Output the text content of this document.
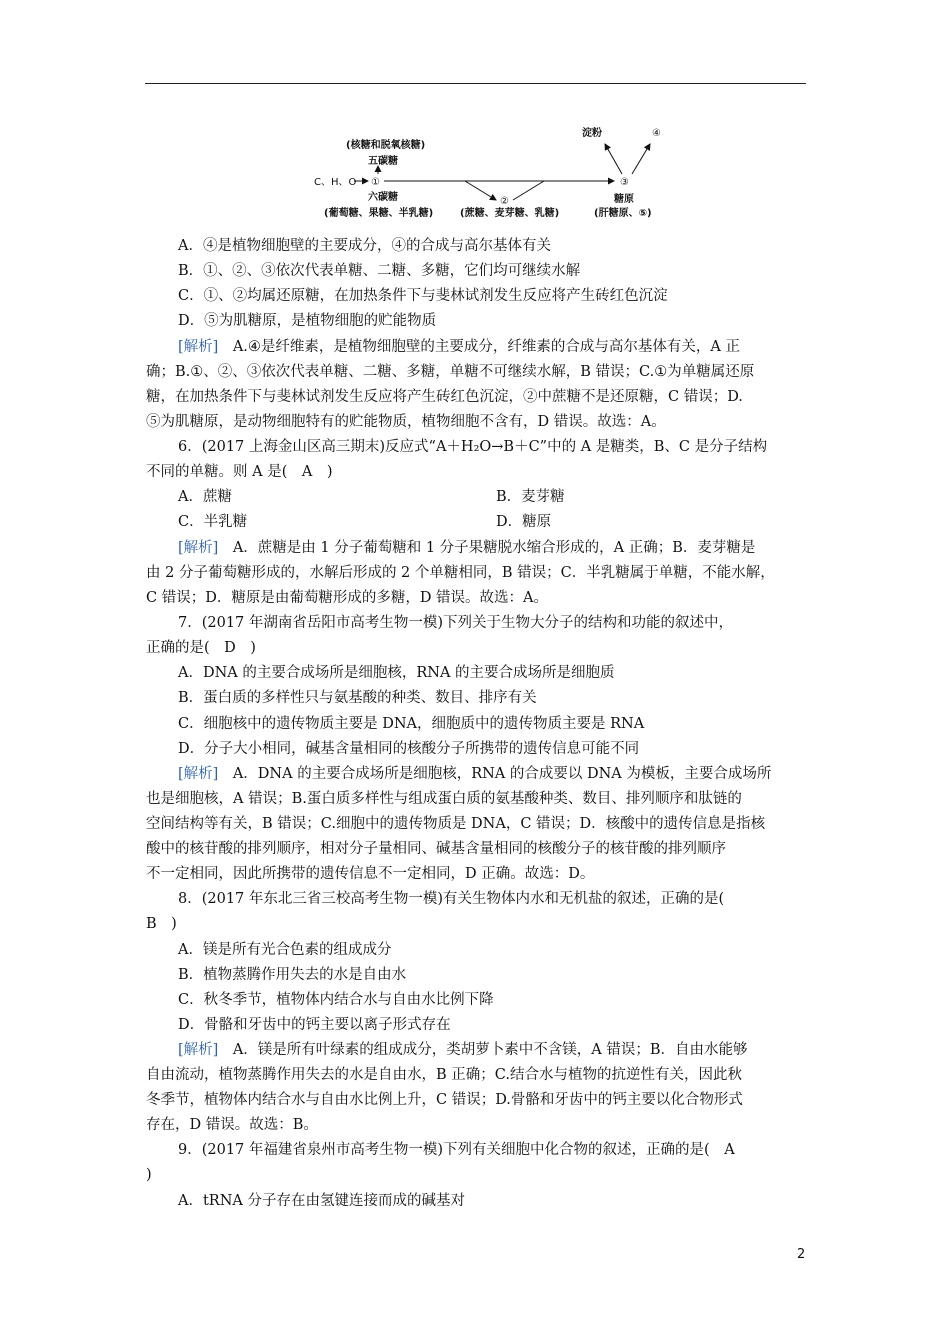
(核糖和脱氧核糖)
五碳糖
C、H、O ①
六碳糖
(葡萄糖、果糖、半乳糖)
②
(蔗糖、麦芽糖、乳糖)
③
淀粉	④
糖原
(肝糖原、⑤)
A．④是植物细胞壁的主要成分，④的合成与高尔基体有关
B．①、②、③依次代表单糖、二糖、多糖，它们均可继续水解
C．①、②均属还原糖，在加热条件下与斐林试剂发生反应将产生砖红色沉淀
D．⑤为肌糖原，是植物细胞的贮能物质
[解析]　 A.④是纤维素，是植物细胞壁的主要成分，纤维素的合成与高尔基体有关，A 正
确；B.①、②、③依次代表单糖、二糖、多糖，单糖不可继续水解，B 错误；C.①为单糖属还原
糖，在加热条件下与斐林试剂发生反应将产生砖红色沉淀，②中蔗糖不是还原糖，C 错误；D.
⑤为肌糖原，是动物细胞特有的贮能物质，植物细胞不含有，D 错误。故选：A。
6．(2017 上海金山区高三期末)反应式“A＋H₂O→B＋C”中的 A 是糖类，B、C 是分子结构
不同的单糖。则 A 是(　A　)
A．蔗糖	B．麦芽糖
C．半乳糖	D．糖原
[解析]　 A．蔗糖是由 1 分子葡萄糖和 1 分子果糖脱水缩合形成的，A 正确；B．麦芽糖是
由 2 分子葡萄糖形成的，水解后形成的 2 个单糖相同，B 错误；C．半乳糖属于单糖，不能水解，
C 错误；D．糖原是由葡萄糖形成的多糖，D 错误。故选：A。
7．(2017 年湖南省岳阳市高考生物一模)下列关于生物大分子的结构和功能的叙述中，
正确的是(　D　)
A．DNA 的主要合成场所是细胞核，RNA 的主要合成场所是细胞质
B．蛋白质的多样性只与氨基酸的种类、数目、排序有关
C．细胞核中的遗传物质主要是 DNA，细胞质中的遗传物质主要是 RNA
D．分子大小相同，碱基含量相同的核酸分子所携带的遗传信息可能不同
[解析]　 A．DNA 的主要合成场所是细胞核，RNA 的合成要以 DNA 为模板，主要合成场所
也是细胞核，A 错误；B.蛋白质多样性与组成蛋白质的氨基酸种类、数目、排列顺序和肽链的
空间结构等有关，B 错误；C.细胞中的遗传物质是 DNA，C 错误；D．核酸中的遗传信息是指核
酸中的核苷酸的排列顺序，相对分子量相同、碱基含量相同的核酸分子的核苷酸的排列顺序
不一定相同，因此所携带的遗传信息不一定相同，D 正确。故选：D。
8．(2017 年东北三省三校高考生物一模)有关生物体内水和无机盐的叙述，正确的是(
B　)
A．镁是所有光合色素的组成成分
B．植物蒸腾作用失去的水是自由水
C．秋冬季节，植物体内结合水与自由水比例下降
D．骨骼和牙齿中的钙主要以离子形式存在
[解析]　 A．镁是所有叶绿素的组成成分，类胡萝卜素中不含镁，A 错误；B．自由水能够
自由流动，植物蒸腾作用失去的水是自由水，B 正确；C.结合水与植物的抗逆性有关，因此秋
冬季节，植物体内结合水与自由水比例上升，C 错误；D.骨骼和牙齿中的钙主要以化合物形式
存在，D 错误。故选：B。
9．(2017 年福建省泉州市高考生物一模)下列有关细胞中化合物的叙述，正确的是(　A
)
A．tRNA 分子存在由氢键连接而成的碱基对
2
